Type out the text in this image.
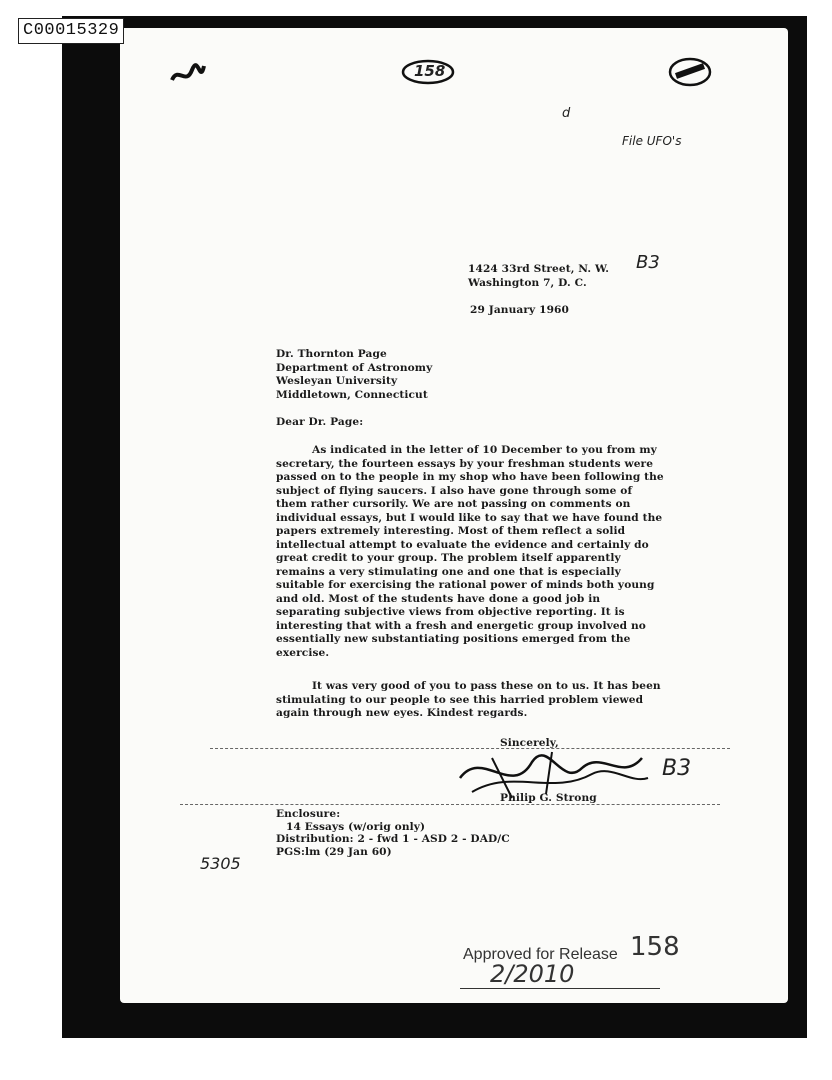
C00015329
158
d
File UFO's
B3
1424 33rd Street, N. W.
Washington 7, D. C.
29 January 1960
Dr. Thornton Page
Department of Astronomy
Wesleyan University
Middletown, Connecticut
Dear Dr. Page:
As indicated in the letter of 10 December to you from my secretary, the fourteen essays by your freshman students were passed on to the people in my shop who have been following the subject of flying saucers. I also have gone through some of them rather cursorily. We are not passing on comments on individual essays, but I would like to say that we have found the papers extremely interesting. Most of them reflect a solid intellectual attempt to evaluate the evidence and certainly do great credit to your group. The problem itself apparently remains a very stimulating one and one that is especially suitable for exercising the rational power of minds both young and old. Most of the students have done a good job in separating subjective views from objective reporting. It is interesting that with a fresh and energetic group involved no essentially new substantiating positions emerged from the exercise.
It was very good of you to pass these on to us. It has been stimulating to our people to see this harried problem viewed again through new eyes. Kindest regards.
Sincerely,
B3
Philip G. Strong
Enclosure:
14 Essays (w/orig only)
Distribution: 2 - fwd 1 - ASD 2 - DAD/C
PGS:lm (29 Jan 60)
5305
Approved for Release 158
2/2010
